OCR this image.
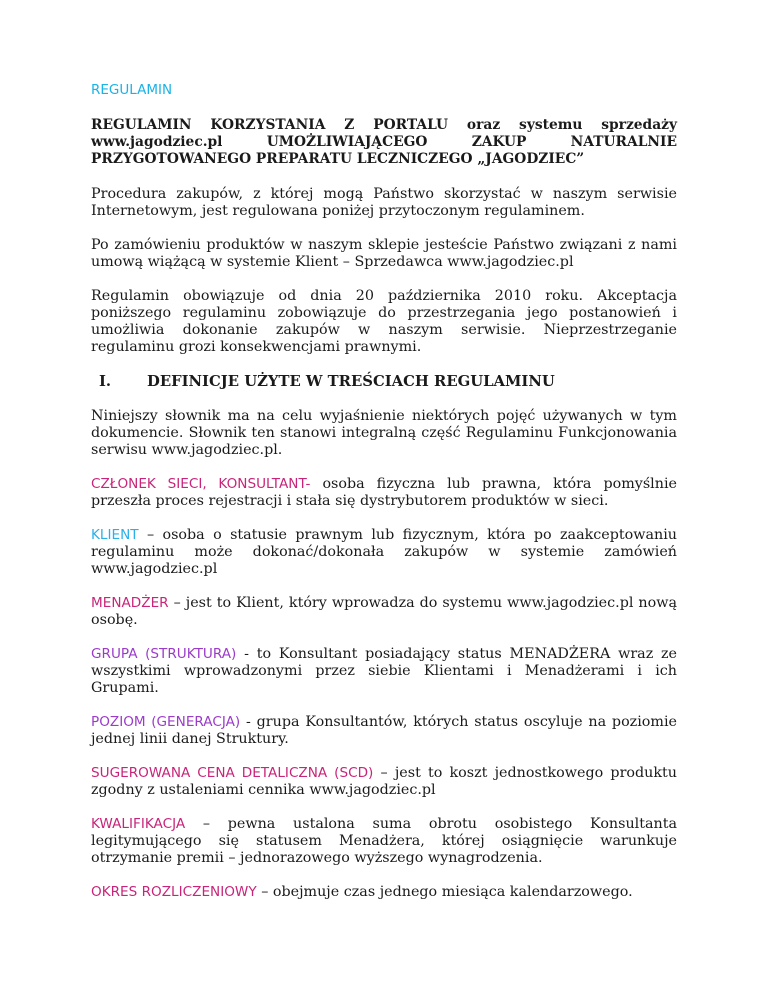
REGULAMIN
REGULAMIN KORZYSTANIA Z PORTALU oraz systemu sprzedaży www.jagodziec.pl UMOŻLIWIAJĄCEGO ZAKUP NATURALNIE PRZYGOTOWANEGO PREPARATU LECZNICZEGO „JAGODZIEC”

Procedura zakupów, z której mogą Państwo skorzystać w naszym serwisie Internetowym, jest regulowana poniżej przytoczonym regulaminem.

Po zamówieniu produktów w naszym sklepie jesteście Państwo związani z nami umową wiążącą w systemie Klient – Sprzedawca www.jagodziec.pl

Regulamin obowiązuje od dnia 20 października 2010 roku. Akceptacja poniższego regulaminu zobowiązuje do przestrzegania jego postanowień i umożliwia dokonanie zakupów w naszym serwisie. Nieprzestrzeganie regulaminu grozi konsekwencjami prawnymi.

I.	DEFINICJE UŻYTE W TREŚCIACH REGULAMINU

Niniejszy słownik ma na celu wyjaśnienie niektórych pojęć używanych w tym dokumencie. Słownik ten stanowi integralną część Regulaminu Funkcjonowania serwisu www.jagodziec.pl.

CZŁONEK SIECI, KONSULTANT- osoba fizyczna lub prawna, która pomyślnie przeszła proces rejestracji i stała się dystrybutorem produktów w sieci.

KLIENT – osoba o statusie prawnym lub fizycznym, która po zaakceptowaniu regulaminu może dokonać/dokonała zakupów w systemie zamówień www.jagodziec.pl

MENADŻER – jest to Klient, który wprowadza do systemu www.jagodziec.pl nową osobę.

GRUPA (STRUKTURA) - to Konsultant posiadający status MENADŻERA wraz ze wszystkimi wprowadzonymi przez siebie Klientami i Menadżerami i ich Grupami.

POZIOM (GENERACJA) - grupa Konsultantów, których status oscyluje na poziomie jednej linii danej Struktury.

SUGEROWANA CENA DETALICZNA (SCD) – jest to koszt jednostkowego produktu zgodny z ustaleniami cennika www.jagodziec.pl

KWALIFIKACJA – pewna ustalona suma obrotu osobistego Konsultanta legitymującego się statusem Menadżera, której osiągnięcie warunkuje otrzymanie premii – jednorazowego wyższego wynagrodzenia.

OKRES ROZLICZENIOWY – obejmuje czas jednego miesiąca kalendarzowego.
